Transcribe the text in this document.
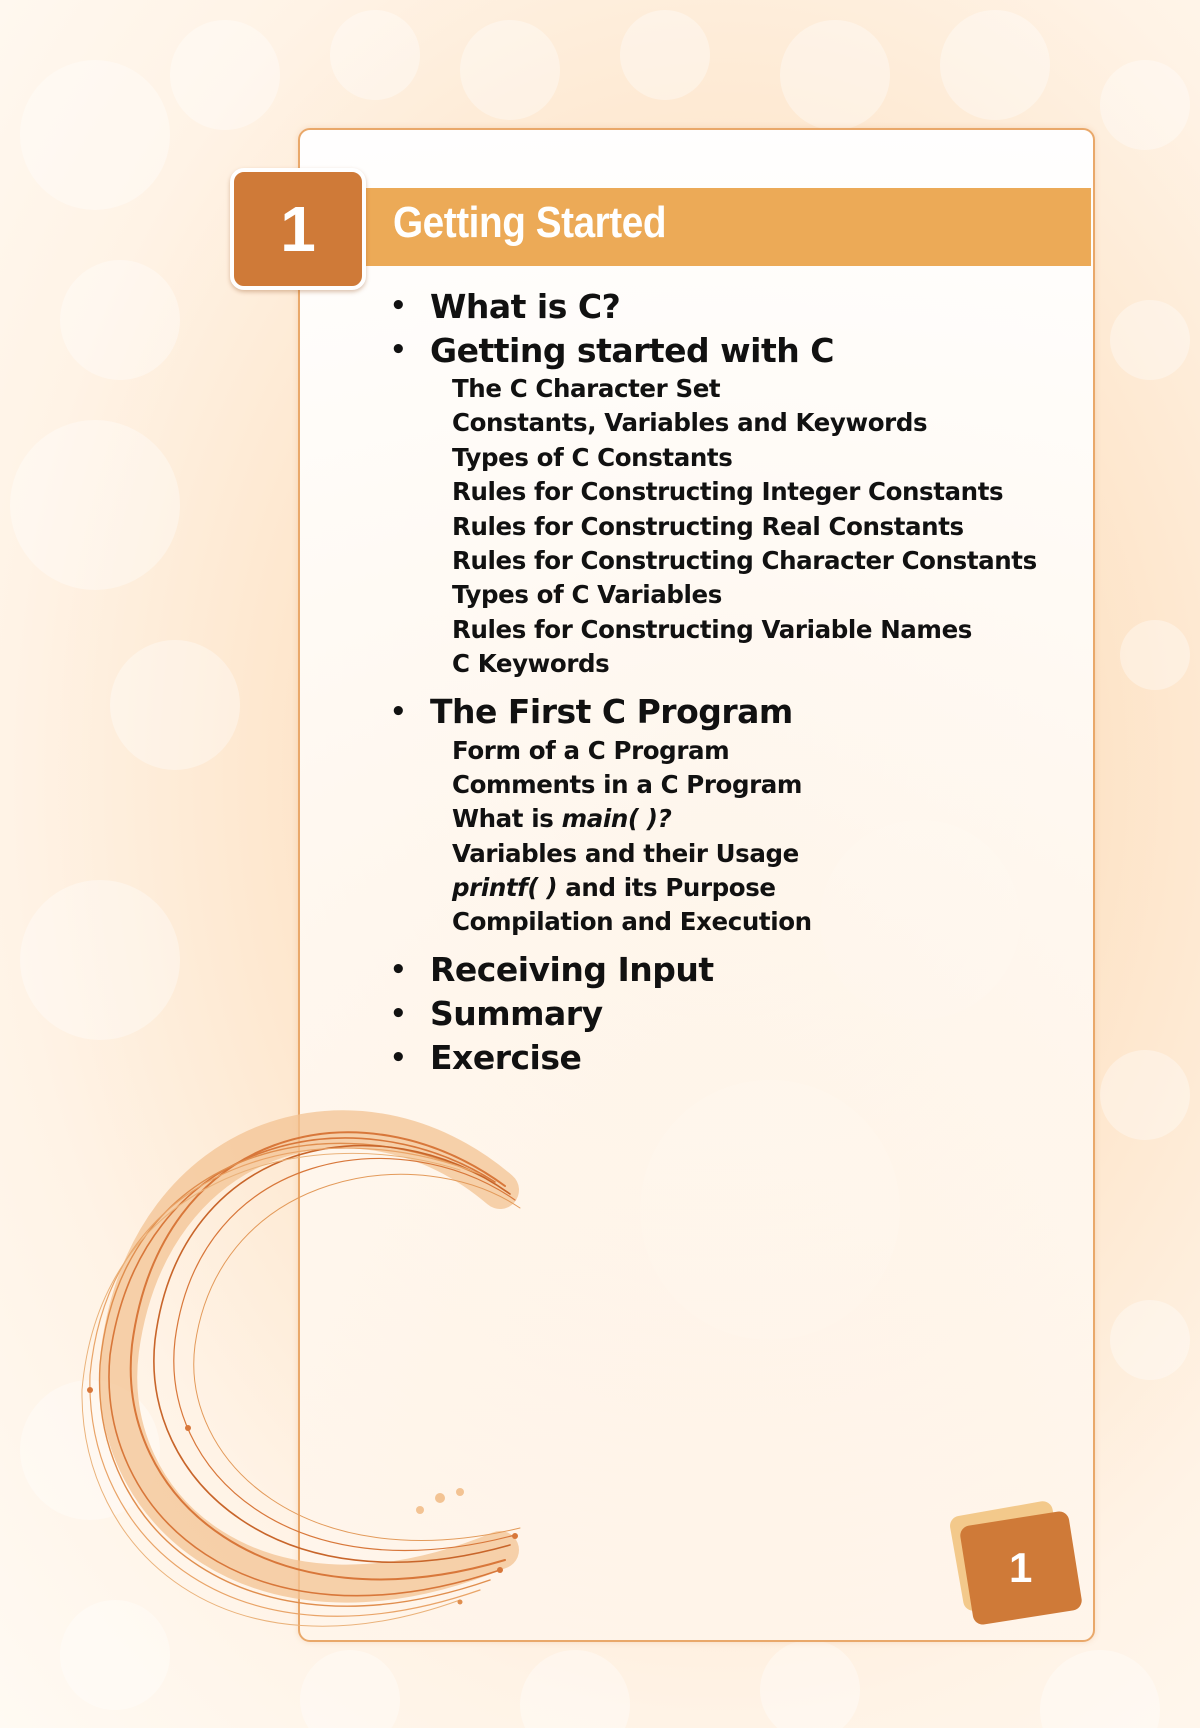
Getting Started
1
• What is C?
• Getting started with C
The C Character Set
Constants, Variables and Keywords
Types of C Constants
Rules for Constructing Integer Constants
Rules for Constructing Real Constants
Rules for Constructing Character Constants
Types of C Variables
Rules for Constructing Variable Names
C Keywords
• The First C Program
Form of a C Program
Comments in a C Program
What is main( )?
Variables and their Usage
printf( ) and its Purpose
Compilation and Execution
• Receiving Input
• Summary
• Exercise
1
